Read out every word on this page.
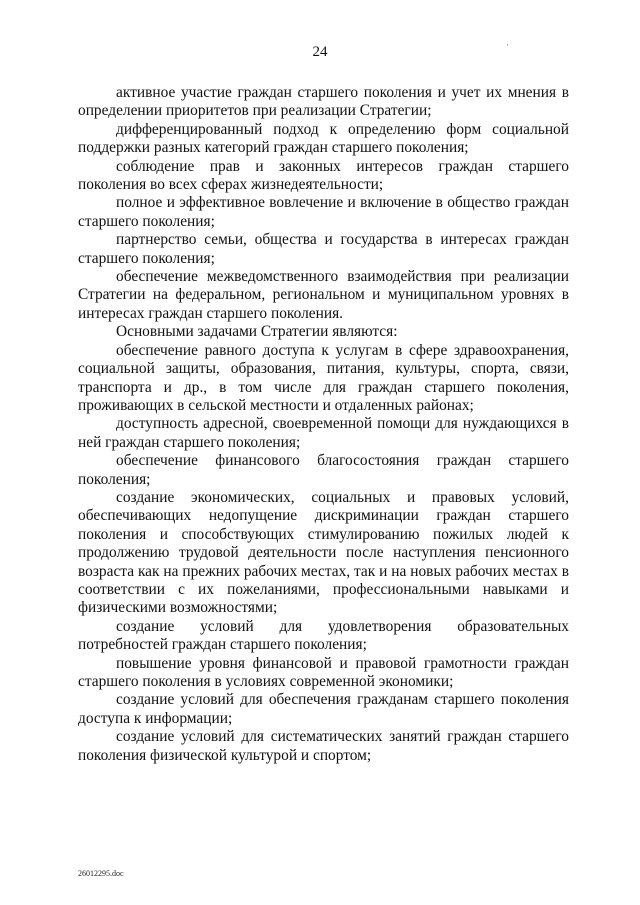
24	·

активное участие граждан старшего поколения и учет их мнения в определении приоритетов при реализации Стратегии;

дифференцированный подход к определению форм социальной поддержки разных категорий граждан старшего поколения;

соблюдение прав и законных интересов граждан старшего поколения во всех сферах жизнедеятельности;

полное и эффективное вовлечение и включение в общество граждан старшего поколения;

партнерство семьи, общества и государства в интересах граждан старшего поколения;

обеспечение межведомственного взаимодействия при реализации Стратегии на федеральном, региональном и муниципальном уровнях в интересах граждан старшего поколения.

Основными задачами Стратегии являются:

обеспечение равного доступа к услугам в сфере здравоохранения, социальной защиты, образования, питания, культуры, спорта, связи, транспорта и др., в том числе для граждан старшего поколения, проживающих в сельской местности и отдаленных районах;

доступность адресной, своевременной помощи для нуждающихся в ней граждан старшего поколения;

обеспечение финансового благосостояния граждан старшего поколения;

создание экономических, социальных и правовых условий, обеспечивающих недопущение дискриминации граждан старшего поколения и способствующих стимулированию пожилых людей к продолжению трудовой деятельности после наступления пенсионного возраста как на прежних рабочих местах, так и на новых рабочих местах в соответствии с их пожеланиями, профессиональными навыками и физическими возможностями;

создание условий для удовлетворения образовательных потребностей граждан старшего поколения;

повышение уровня финансовой и правовой грамотности граждан старшего поколения в условиях современной экономики;

создание условий для обеспечения гражданам старшего поколения доступа к информации;

создание условий для систематических занятий граждан старшего поколения физической культурой и спортом;

26012295.doc
